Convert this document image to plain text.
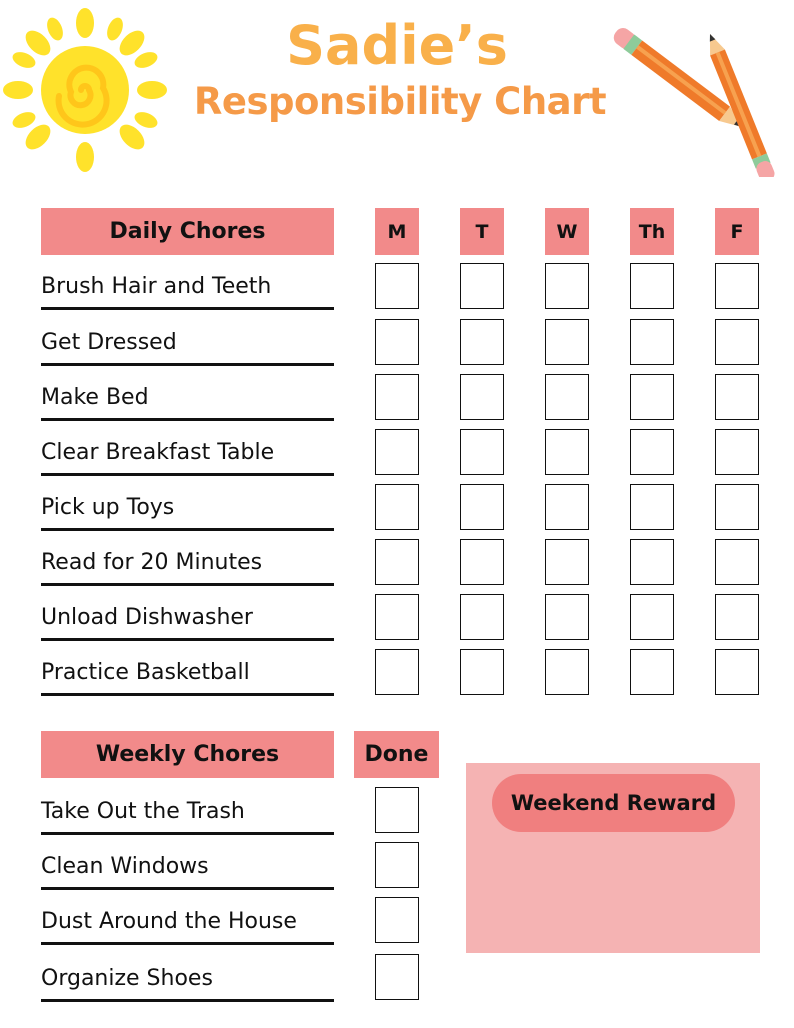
Sadie’s
Responsibility Chart
Daily Chores	M	T	W	Th	F
Brush Hair and Teeth
Get Dressed
Make Bed
Clear Breakfast Table
Pick up Toys
Read for 20 Minutes
Unload Dishwasher
Practice Basketball
Weekly Chores	Done
Take Out the Trash
Clean Windows
Dust Around the House
Organize Shoes
Weekend Reward
